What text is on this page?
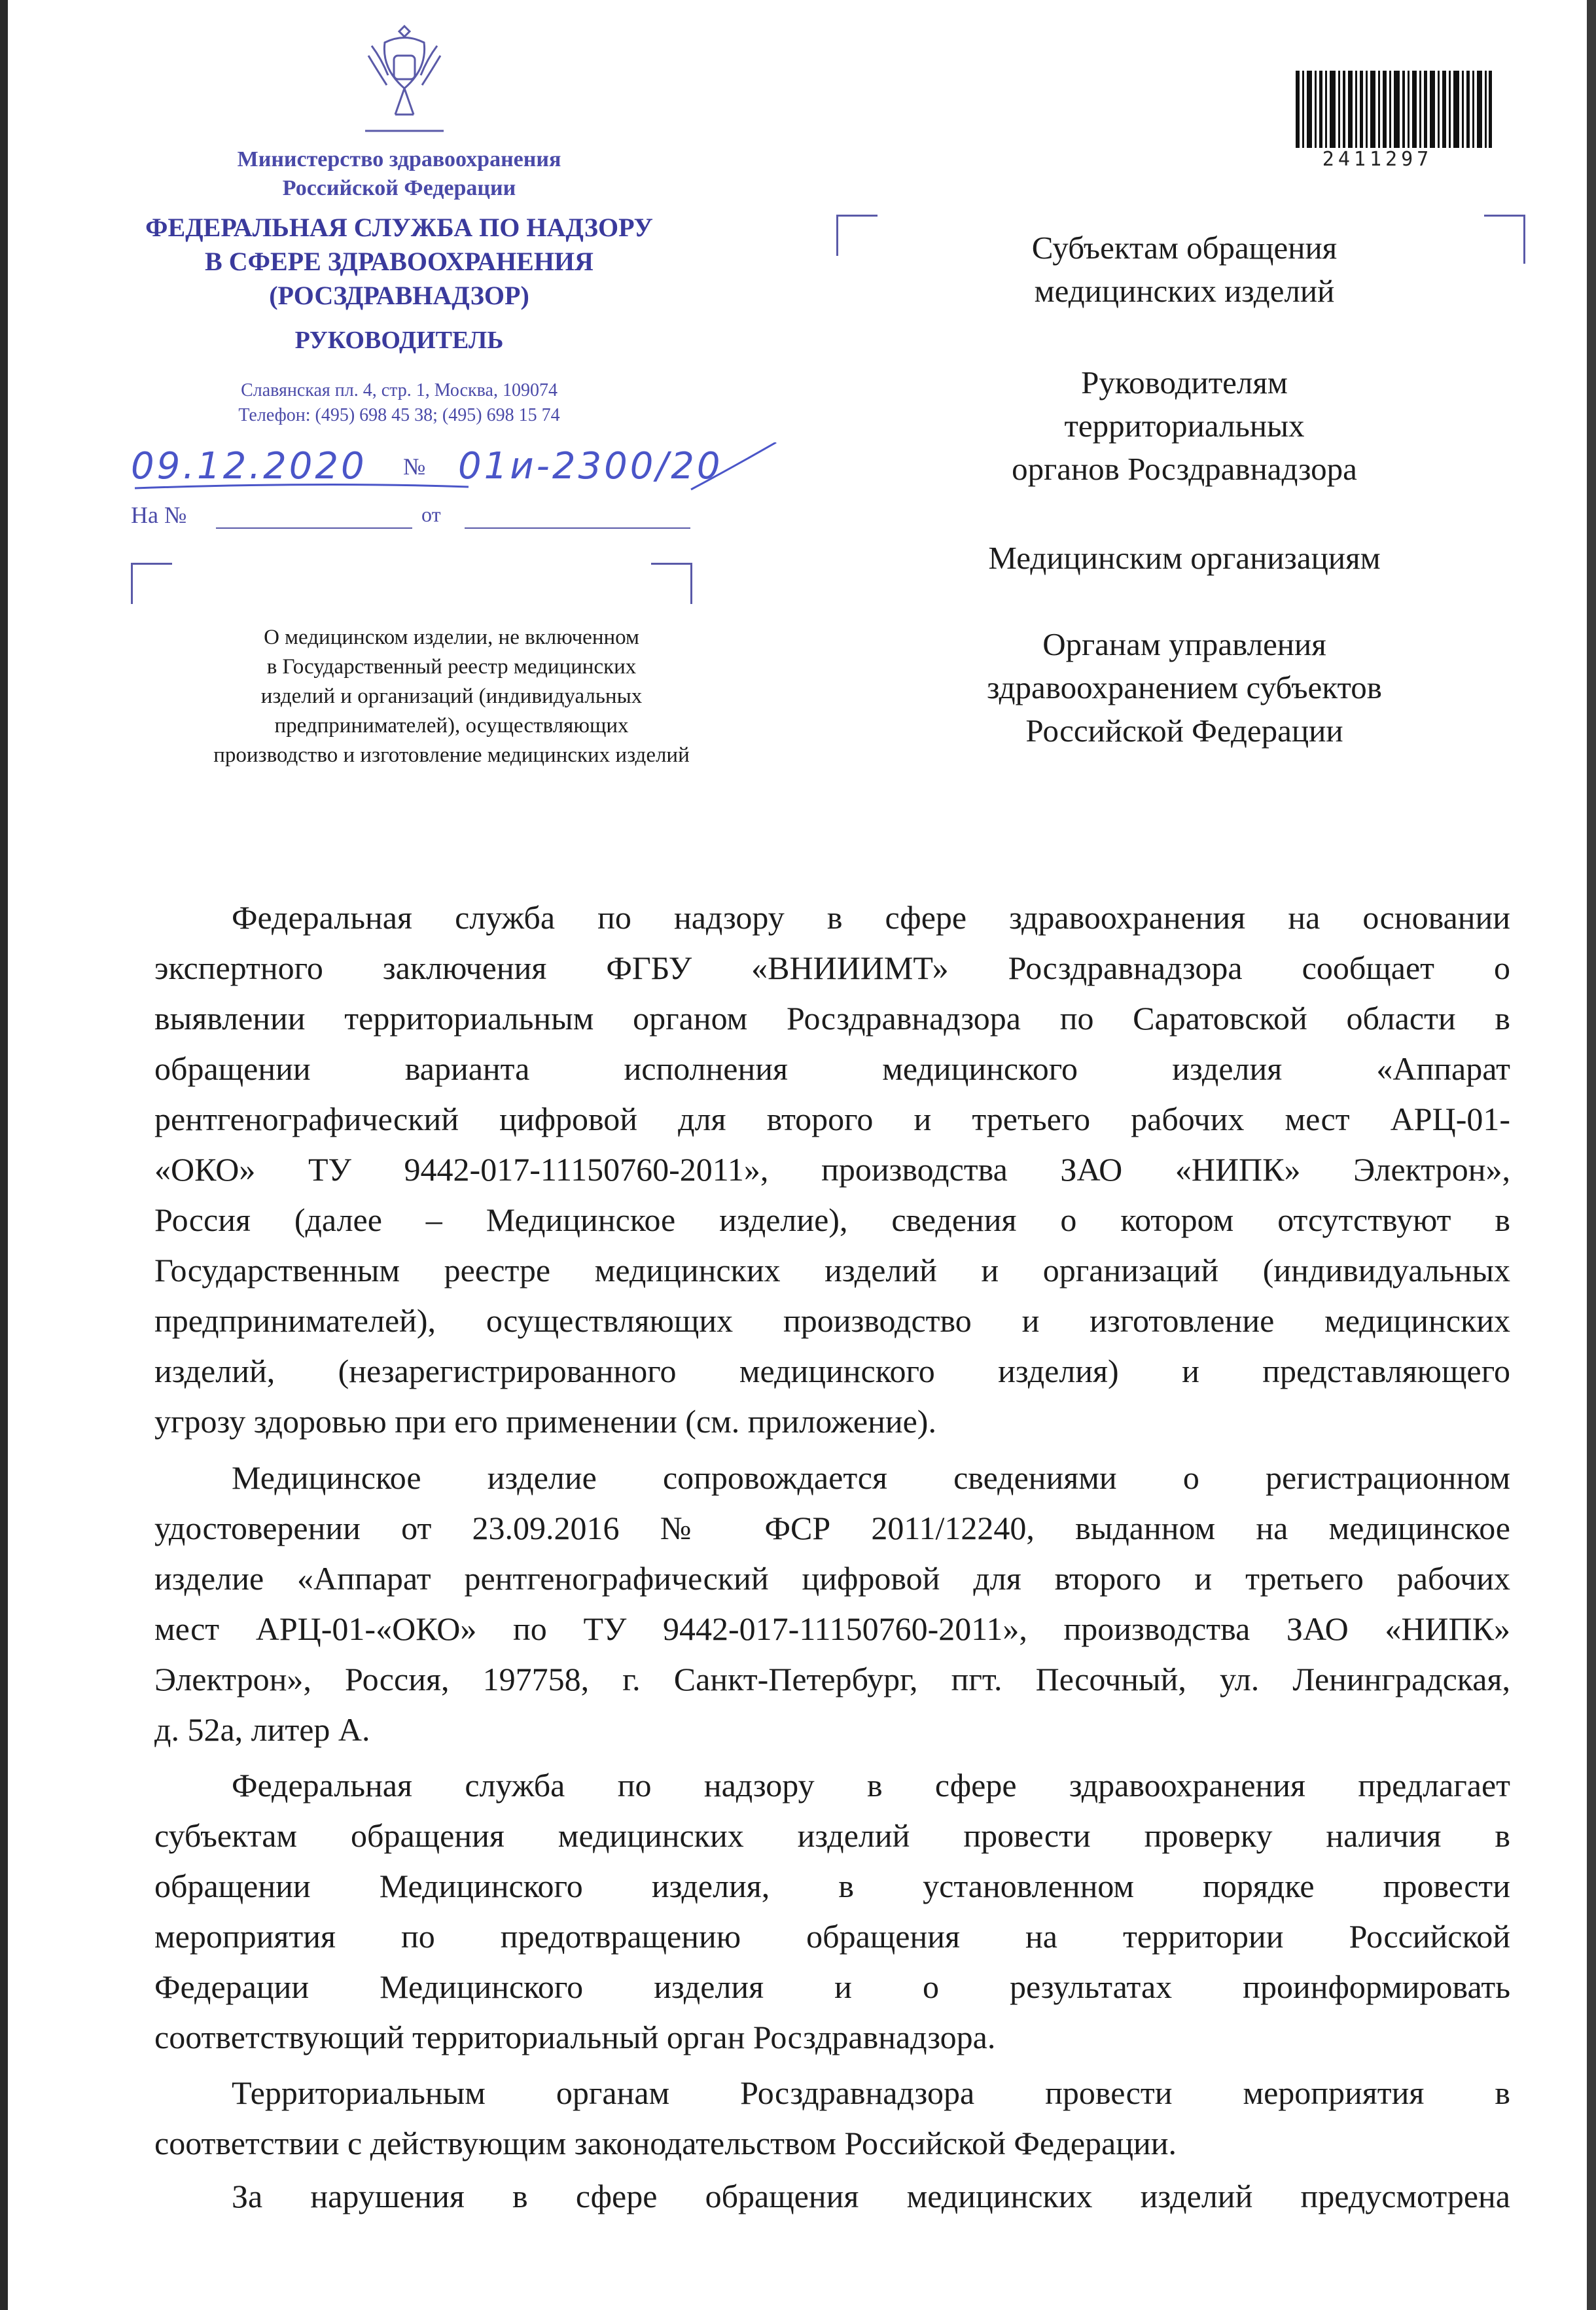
Министерство здравоохранения
Российской Федерации
ФЕДЕРАЛЬНАЯ СЛУЖБА ПО НАДЗОРУ
В СФЕРЕ ЗДРАВООХРАНЕНИЯ
(РОСЗДРАВНАДЗОР)
РУКОВОДИТЕЛЬ
Славянская пл. 4, стр. 1, Москва, 109074
Телефон: (495) 698 45 38; (495) 698 15 74
09.12.2020 № 01и-2300/20
На №	от
О медицинском изделии, не включенном
в Государственный реестр медицинских
изделий и организаций (индивидуальных
предпринимателей), осуществляющих
производство и изготовление медицинских изделий
2411297
Субъектам обращения
медицинских изделий
Руководителям
территориальных
органов Росздравнадзора
Медицинским организациям
Органам управления
здравоохранением субъектов
Российской Федерации
Федеральная служба по надзору в сфере здравоохранения на основании
экспертного заключения ФГБУ «ВНИИИМТ» Росздравнадзора сообщает о
выявлении территориальным органом Росздравнадзора по Саратовской области в
обращении варианта исполнения медицинского изделия «Аппарат
рентгенографический цифровой для второго и третьего рабочих мест АРЦ-01-
«ОКО» ТУ 9442-017-11150760-2011», производства ЗАО «НИПК» Электрон»,
Россия (далее – Медицинское изделие), сведения о котором отсутствуют в
Государственным реестре медицинских изделий и организаций (индивидуальных
предпринимателей), осуществляющих производство и изготовление медицинских
изделий, (незарегистрированного медицинского изделия) и представляющего
угрозу здоровью при его применении (см. приложение).
Медицинское изделие сопровождается сведениями о регистрационном
удостоверении от 23.09.2016 № ФСР 2011/12240, выданном на медицинское
изделие «Аппарат рентгенографический цифровой для второго и третьего рабочих
мест АРЦ-01-«ОКО» по ТУ 9442-017-11150760-2011», производства ЗАО «НИПК»
Электрон», Россия, 197758, г. Санкт-Петербург, пгт. Песочный, ул. Ленинградская,
д. 52а, литер А.
Федеральная служба по надзору в сфере здравоохранения предлагает
субъектам обращения медицинских изделий провести проверку наличия в
обращении Медицинского изделия, в установленном порядке провести
мероприятия по предотвращению обращения на территории Российской
Федерации Медицинского изделия и о результатах проинформировать
соответствующий территориальный орган Росздравнадзора.
Территориальным органам Росздравнадзора провести мероприятия в
соответствии с действующим законодательством Российской Федерации.
За нарушения в сфере обращения медицинских изделий предусмотрена
